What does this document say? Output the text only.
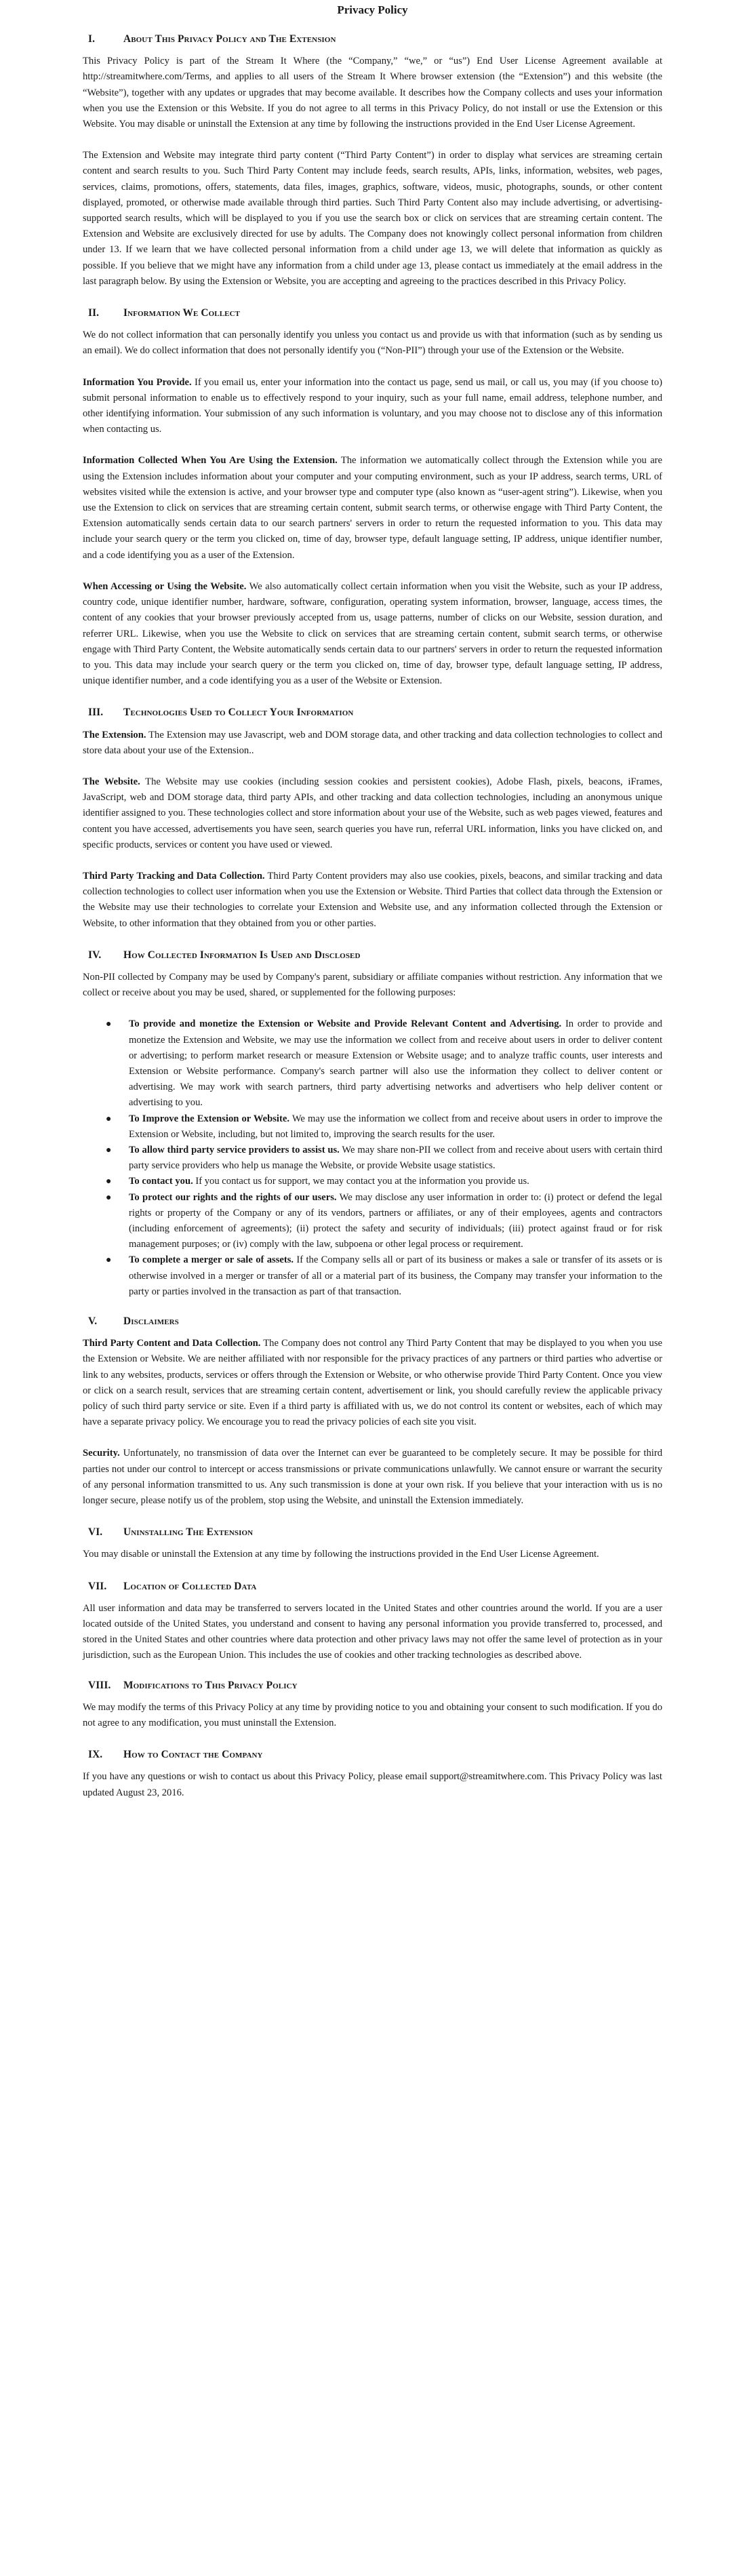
Privacy Policy
I.	About This Privacy Policy and The Extension

This Privacy Policy is part of the Stream It Where (the “Company,” “we,” or “us”) End User License Agreement available at http://streamitwhere.com/Terms, and applies to all users of the Stream It Where browser extension (the “Extension”) and this website (the “Website”), together with any updates or upgrades that may become available. It describes how the Company collects and uses your information when you use the Extension or this Website. If you do not agree to all terms in this Privacy Policy, do not install or use the Extension or this Website. You may disable or uninstall the Extension at any time by following the instructions provided in the End User License Agreement.

The Extension and Website may integrate third party content (“Third Party Content”) in order to display what services are streaming certain content and search results to you. Such Third Party Content may include feeds, search results, APIs, links, information, websites, web pages, services, claims, promotions, offers, statements, data files, images, graphics, software, videos, music, photographs, sounds, or other content displayed, promoted, or otherwise made available through third parties. Such Third Party Content also may include advertising, or advertising-supported search results, which will be displayed to you if you use the search box or click on services that are streaming certain content. The Extension and Website are exclusively directed for use by adults. The Company does not knowingly collect personal information from children under 13. If we learn that we have collected personal information from a child under age 13, we will delete that information as quickly as possible. If you believe that we might have any information from a child under age 13, please contact us immediately at the email address in the last paragraph below. By using the Extension or Website, you are accepting and agreeing to the practices described in this Privacy Policy.

II. Information We Collect

We do not collect information that can personally identify you unless you contact us and provide us with that information (such as by sending us an email). We do collect information that does not personally identify you (“Non-PII”) through your use of the Extension or the Website.

Information You Provide. If you email us, enter your information into the contact us page, send us mail, or call us, you may (if you choose to) submit personal information to enable us to effectively respond to your inquiry, such as your full name, email address, telephone number, and other identifying information. Your submission of any such information is voluntary, and you may choose not to disclose any of this information when contacting us.

Information Collected When You Are Using the Extension. The information we automatically collect through the Extension while you are using the Extension includes information about your computer and your computing environment, such as your IP address, search terms, URL of websites visited while the extension is active, and your browser type and computer type (also known as “user-agent string”). Likewise, when you use the Extension to click on services that are streaming certain content, submit search terms, or otherwise engage with Third Party Content, the Extension automatically sends certain data to our search partners' servers in order to return the requested information to you. This data may include your search query or the term you clicked on, time of day, browser type, default language setting, IP address, unique identifier number, and a code identifying you as a user of the Extension.

When Accessing or Using the Website. We also automatically collect certain information when you visit the Website, such as your IP address, country code, unique identifier number, hardware, software, configuration, operating system information, browser, language, access times, the content of any cookies that your browser previously accepted from us, usage patterns, number of clicks on our Website, session duration, and referrer URL. Likewise, when you use the Website to click on services that are streaming certain content, submit search terms, or otherwise engage with Third Party Content, the Website automatically sends certain data to our partners' servers in order to return the requested information to you. This data may include your search query or the term you clicked on, time of day, browser type, default language setting, IP address, unique identifier number, and a code identifying you as a user of the Website or Extension.

III. Technologies Used to Collect Your Information

The Extension. The Extension may use Javascript, web and DOM storage data, and other tracking and data collection technologies to collect and store data about your use of the Extension..

The Website. The Website may use cookies (including session cookies and persistent cookies), Adobe Flash, pixels, beacons, iFrames, JavaScript, web and DOM storage data, third party APIs, and other tracking and data collection technologies, including an anonymous unique identifier assigned to you. These technologies collect and store information about your use of the Website, such as web pages viewed, features and content you have accessed, advertisements you have seen, search queries you have run, referral URL information, links you have clicked on, and specific products, services or content you have used or viewed.

Third Party Tracking and Data Collection. Third Party Content providers may also use cookies, pixels, beacons, and similar tracking and data collection technologies to collect user information when you use the Extension or Website. Third Parties that collect data through the Extension or the Website may use their technologies to correlate your Extension and Website use, and any information collected through the Extension or Website, to other information that they obtained from you or other parties.

IV. How Collected Information Is Used and Disclosed

Non-PII collected by Company may be used by Company's parent, subsidiary or affiliate companies without restriction. Any information that we collect or receive about you may be used, shared, or supplemented for the following purposes:

● To provide and monetize the Extension or Website and Provide Relevant Content and Advertising. In order to provide and monetize the Extension and Website, we may use the information we collect from and receive about users in order to deliver content or advertising; to perform market research or measure Extension or Website usage; and to analyze traffic counts, user interests and Extension or Website performance. Company's search partner will also use the information they collect to deliver content or advertising. We may work with search partners, third party advertising networks and advertisers who help deliver content or advertising to you.
● To Improve the Extension or Website. We may use the information we collect from and receive about users in order to improve the Extension or Website, including, but not limited to, improving the search results for the user.
● To allow third party service providers to assist us. We may share non-PII we collect from and receive about users with certain third party service providers who help us manage the Website, or provide Website usage statistics.
● To contact you. If you contact us for support, we may contact you at the information you provide us.
● To protect our rights and the rights of our users. We may disclose any user information in order to: (i) protect or defend the legal rights or property of the Company or any of its vendors, partners or affiliates, or any of their employees, agents and contractors (including enforcement of agreements); (ii) protect the safety and security of individuals; (iii) protect against fraud or for risk management purposes; or (iv) comply with the law, subpoena or other legal process or requirement.
● To complete a merger or sale of assets. If the Company sells all or part of its business or makes a sale or transfer of its assets or is otherwise involved in a merger or transfer of all or a material part of its business, the Company may transfer your information to the party or parties involved in the transaction as part of that transaction.
V.	Disclaimers

Third Party Content and Data Collection. The Company does not control any Third Party Content that may be displayed to you when you use the Extension or Website. We are neither affiliated with nor responsible for the privacy practices of any partners or third parties who advertise or link to any websites, products, services or offers through the Extension or Website, or who otherwise provide Third Party Content. Once you view or click on a search result, services that are streaming certain content, advertisement or link, you should carefully review the applicable privacy policy of such third party service or site. Even if a third party is affiliated with us, we do not control its content or websites, each of which may have a separate privacy policy. We encourage you to read the privacy policies of each site you visit.

Security. Unfortunately, no transmission of data over the Internet can ever be guaranteed to be completely secure. It may be possible for third parties not under our control to intercept or access transmissions or private communications unlawfully. We cannot ensure or warrant the security of any personal information transmitted to us. Any such transmission is done at your own risk. If you believe that your interaction with us is no longer secure, please notify us of the problem, stop using the Website, and uninstall the Extension immediately.

VI. Uninstalling The Extension

You may disable or uninstall the Extension at any time by following the instructions provided in the End User License Agreement.

VII. Location of Collected Data

All user information and data may be transferred to servers located in the United States and other countries around the world. If you are a user located outside of the United States, you understand and consent to having any personal information you provide transferred to, processed, and stored in the United States and other countries where data protection and other privacy laws may not offer the same level of protection as in your jurisdiction, such as the European Union. This includes the use of cookies and other tracking technologies as described above.

VIII. Modifications to This Privacy Policy

We may modify the terms of this Privacy Policy at any time by providing notice to you and obtaining your consent to such modification. If you do not agree to any modification, you must uninstall the Extension.

IX. How to Contact the Company

If you have any questions or wish to contact us about this Privacy Policy, please email support@streamitwhere.com. This Privacy Policy was last updated August 23, 2016.
